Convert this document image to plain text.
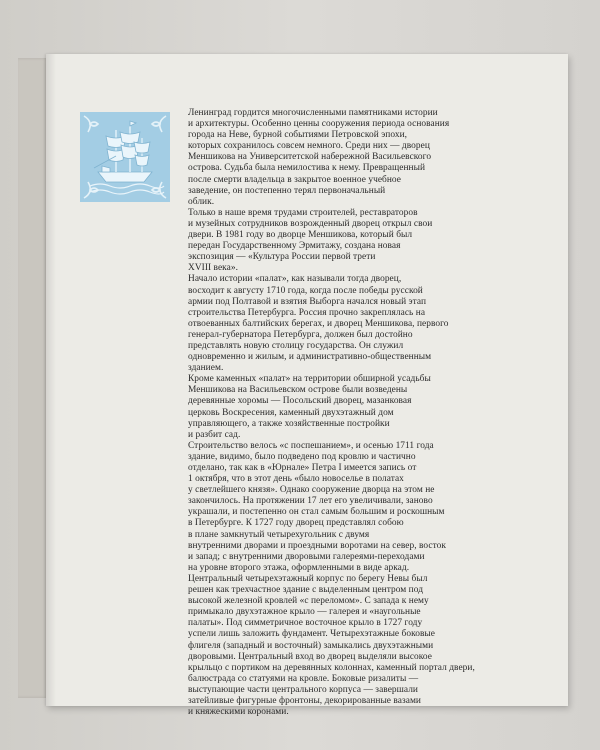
Ленинград гордится многочисленными памятниками истории
и архитектуры. Особенно ценны сооружения периода основания
города на Неве, бурной событиями Петровской эпохи,
которых сохранилось совсем немного. Среди них — дворец
Меншикова на Университетской набережной Васильевского
острова. Судьба была немилостива к нему. Превращенный
после смерти владельца в закрытое военное учебное
заведение, он постепенно терял первоначальный
облик.
Только в наше время трудами строителей, реставраторов
и музейных сотрудников возрожденный дворец открыл свои
двери. В 1981 году во дворце Меншикова, который был
передан Государственному Эрмитажу, создана новая
экспозиция — «Культура России первой трети
XVIII века».
Начало истории «палат», как называли тогда дворец,
восходит к августу 1710 года, когда после победы русской
армии под Полтавой и взятия Выборга начался новый этап
строительства Петербурга. Россия прочно закреплялась на
отвоеванных балтийских берегах, и дворец Меншикова, первого
генерал-губернатора Петербурга, должен был достойно
представлять новую столицу государства. Он служил
одновременно и жилым, и административно-общественным
зданием.
Кроме каменных «палат» на территории обширной усадьбы
Меншикова на Васильевском острове были возведены
деревянные хоромы — Посольский дворец, мазанковая
церковь Воскресения, каменный двухэтажный дом
управляющего, а также хозяйственные постройки
и разбит сад.
Строительство велось «с поспешанием», и осенью 1711 года
здание, видимо, было подведено под кровлю и частично
отделано, так как в «Юрнале» Петра I имеется запись от
1 октября, что в этот день «было новоселье в полатах
у светлейшего князя». Однако сооружение дворца на этом не
закончилось. На протяжении 17 лет его увеличивали, заново
украшали, и постепенно он стал самым большим и роскошным
в Петербурге. К 1727 году дворец представлял собою
в плане замкнутый четырехугольник с двумя
внутренними дворами и проездными воротами на север, восток
и запад; с внутренними дворовыми галереями-переходами
на уровне второго этажа, оформленными в виде аркад.
Центральный четырехэтажный корпус по берегу Невы был
решен как трехчастное здание с выделенным центром под
высокой железной кровлей «с переломом». С запада к нему
примыкало двухэтажное крыло — галерея и «наугольные
палаты». Под симметричное восточное крыло в 1727 году
успели лишь заложить фундамент. Четырехэтажные боковые
флигеля (западный и восточный) замыкались двухэтажными
дворовыми. Центральный вход во дворец выделяли высокое
крыльцо с портиком на деревянных колоннах, каменный портал двери,
балюстрада со статуями на кровле. Боковые ризалиты —
выступающие части центрального корпуса — завершали
затейливые фигурные фронтоны, декорированные вазами
и княжескими коронами.
